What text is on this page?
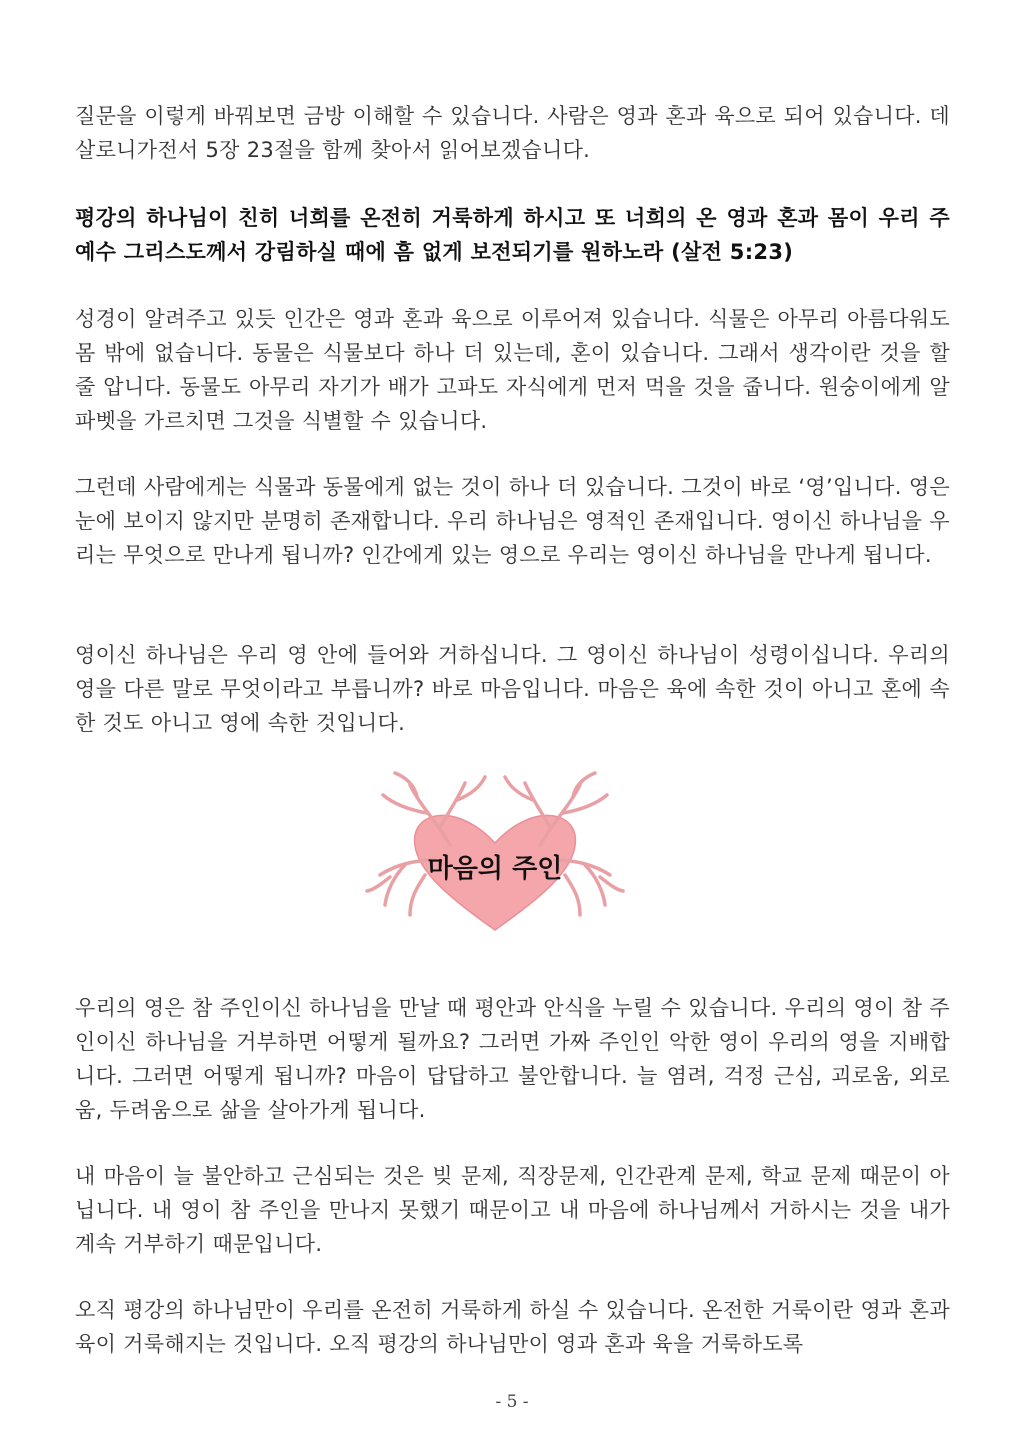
질문을 이렇게 바꿔보면 금방 이해할 수 있습니다. 사람은 영과 혼과 육으로 되어 있습니다. 데살로니가전서 5장 23절을 함께 찾아서 읽어보겠습니다.

평강의 하나님이 친히 너희를 온전히 거룩하게 하시고 또 너희의 온 영과 혼과 몸이 우리 주 예수 그리스도께서 강림하실 때에 흠 없게 보전되기를 원하노라 (살전 5:23)

성경이 알려주고 있듯 인간은 영과 혼과 육으로 이루어져 있습니다. 식물은 아무리 아름다워도 몸 밖에 없습니다. 동물은 식물보다 하나 더 있는데, 혼이 있습니다. 그래서 생각이란 것을 할 줄 압니다. 동물도 아무리 자기가 배가 고파도 자식에게 먼저 먹을 것을 줍니다. 원숭이에게 알파벳을 가르치면 그것을 식별할 수 있습니다.

그런데 사람에게는 식물과 동물에게 없는 것이 하나 더 있습니다. 그것이 바로 ‘영’입니다. 영은 눈에 보이지 않지만 분명히 존재합니다. 우리 하나님은 영적인 존재입니다. 영이신 하나님을 우리는 무엇으로 만나게 됩니까? 인간에게 있는 영으로 우리는 영이신 하나님을 만나게 됩니다.

영이신 하나님은 우리 영 안에 들어와 거하십니다. 그 영이신 하나님이 성령이십니다. 우리의 영을 다른 말로 무엇이라고 부릅니까? 바로 마음입니다. 마음은 육에 속한 것이 아니고 혼에 속한 것도 아니고 영에 속한 것입니다.

마음의 주인

우리의 영은 참 주인이신 하나님을 만날 때 평안과 안식을 누릴 수 있습니다. 우리의 영이 참 주인이신 하나님을 거부하면 어떻게 될까요? 그러면 가짜 주인인 악한 영이 우리의 영을 지배합니다. 그러면 어떻게 됩니까? 마음이 답답하고 불안합니다. 늘 염려, 걱정 근심, 괴로움, 외로움, 두려움으로 삶을 살아가게 됩니다.

내 마음이 늘 불안하고 근심되는 것은 빚 문제, 직장문제, 인간관계 문제, 학교 문제 때문이 아닙니다. 내 영이 참 주인을 만나지 못했기 때문이고 내 마음에 하나님께서 거하시는 것을 내가 계속 거부하기 때문입니다.

오직 평강의 하나님만이 우리를 온전히 거룩하게 하실 수 있습니다. 온전한 거룩이란 영과 혼과 육이 거룩해지는 것입니다. 오직 평강의 하나님만이 영과 혼과 육을 거룩하도록

- 5 -
